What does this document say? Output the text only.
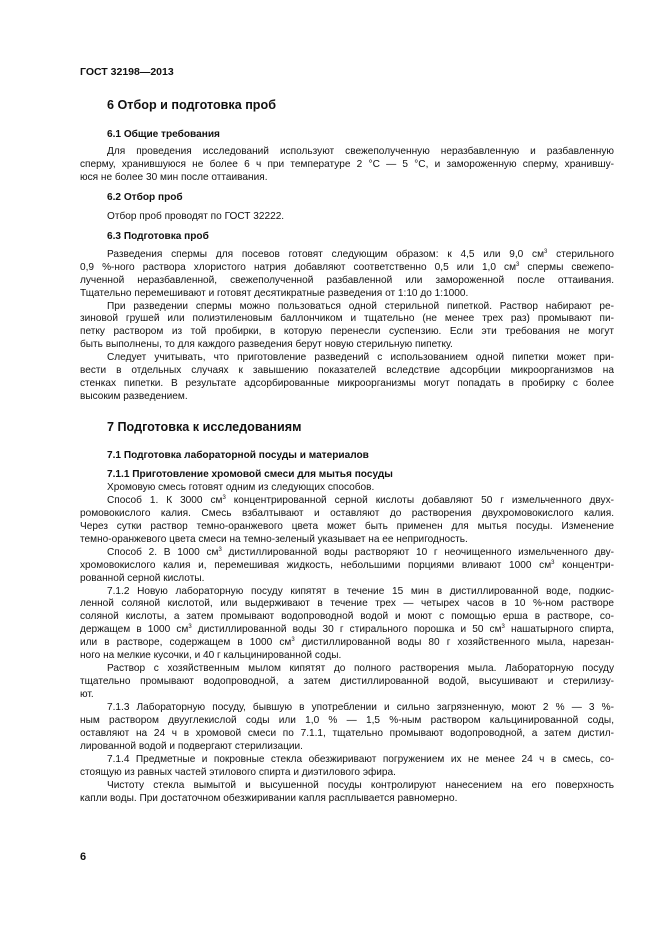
ГОСТ 32198—2013
6 Отбор и подготовка проб
6.1 Общие требования
Для проведения исследований используют свежеполученную неразбавленную и разбавленную
сперму, хранившуюся не более 6 ч при температуре 2 °С — 5 °С, и замороженную сперму, хранившу-
юся не более 30 мин после оттаивания.
6.2 Отбор проб
Отбор проб проводят по ГОСТ 32222.
6.3 Подготовка проб
Разведения спермы для посевов готовят следующим образом: к 4,5 или 9,0 $см^3$ стерильного
0,9 %-ного раствора хлористого натрия добавляют соответственно 0,5 или 1,0 $см^3$ спермы свежепо-
лученной неразбавленной, свежеполученной разбавленной или замороженной после оттаивания.
Тщательно перемешивают и готовят десятикратные разведения от 1:10 до 1:1000.
При разведении спермы можно пользоваться одной стерильной пипеткой. Раствор набирают ре-
зиновой грушей или полиэтиленовым баллончиком и тщательно (не менее трех раз) промывают пи-
петку раствором из той пробирки, в которую перенесли суспензию. Если эти требования не могут
быть выполнены, то для каждого разведения берут новую стерильную пипетку.
Следует учитывать, что приготовление разведений с использованием одной пипетки может при-
вести в отдельных случаях к завышению показателей вследствие адсорбции микроорганизмов на
стенках пипетки. В результате адсорбированные микроорганизмы могут попадать в пробирку с более
высоким разведением.
7 Подготовка к исследованиям
7.1 Подготовка лабораторной посуды и материалов
7.1.1 Приготовление хромовой смеси для мытья посуды
Хромовую смесь готовят одним из следующих способов.
Способ 1. К 3000 $см^3$ концентрированной серной кислоты добавляют 50 г измельченного двух-
ромовокислого калия. Смесь взбалтывают и оставляют до растворения двухромовокислого калия.
Через сутки раствор темно-оранжевого цвета может быть применен для мытья посуды. Изменение
темно-оранжевого цвета смеси на темно-зеленый указывает на ее непригодность.
Способ 2. В 1000 $см^3$ дистиллированной воды растворяют 10 г неочищенного измельченного дву-
хромовокислого калия и, перемешивая жидкость, небольшими порциями вливают 1000 $см^3$ концентри-
рованной серной кислоты.
7.1.2 Новую лабораторную посуду кипятят в течение 15 мин в дистиллированной воде, подкис-
ленной соляной кислотой, или выдерживают в течение трех — четырех часов в 10 %-ном растворе
соляной кислоты, а затем промывают водопроводной водой и моют с помощью ерша в растворе, со-
держащем в 1000 $см^3$ дистиллированной воды 30 г стирального порошка и 50 $см^3$ нашатырного спирта,
или в растворе, содержащем в 1000 $см^3$ дистиллированной воды 80 г хозяйственного мыла, нарезан-
ного на мелкие кусочки, и 40 г кальцинированной соды.
Раствор с хозяйственным мылом кипятят до полного растворения мыла. Лабораторную посуду
тщательно промывают водопроводной, а затем дистиллированной водой, высушивают и стерилизу-
ют.
7.1.3 Лабораторную посуду, бывшую в употреблении и сильно загрязненную, моют 2 % — 3 %-
ным раствором двууглекислой соды или 1,0 % — 1,5 %-ным раствором кальцинированной соды,
оставляют на 24 ч в хромовой смеси по 7.1.1, тщательно промывают водопроводной, а затем дистил-
лированной водой и подвергают стерилизации.
7.1.4 Предметные и покровные стекла обезжиривают погружением их не менее 24 ч в смесь, со-
стоящую из равных частей этилового спирта и диэтилового эфира.
Чистоту стекла вымытой и высушенной посуды контролируют нанесением на его поверхность
капли воды. При достаточном обезжиривании капля расплывается равномерно.
6
